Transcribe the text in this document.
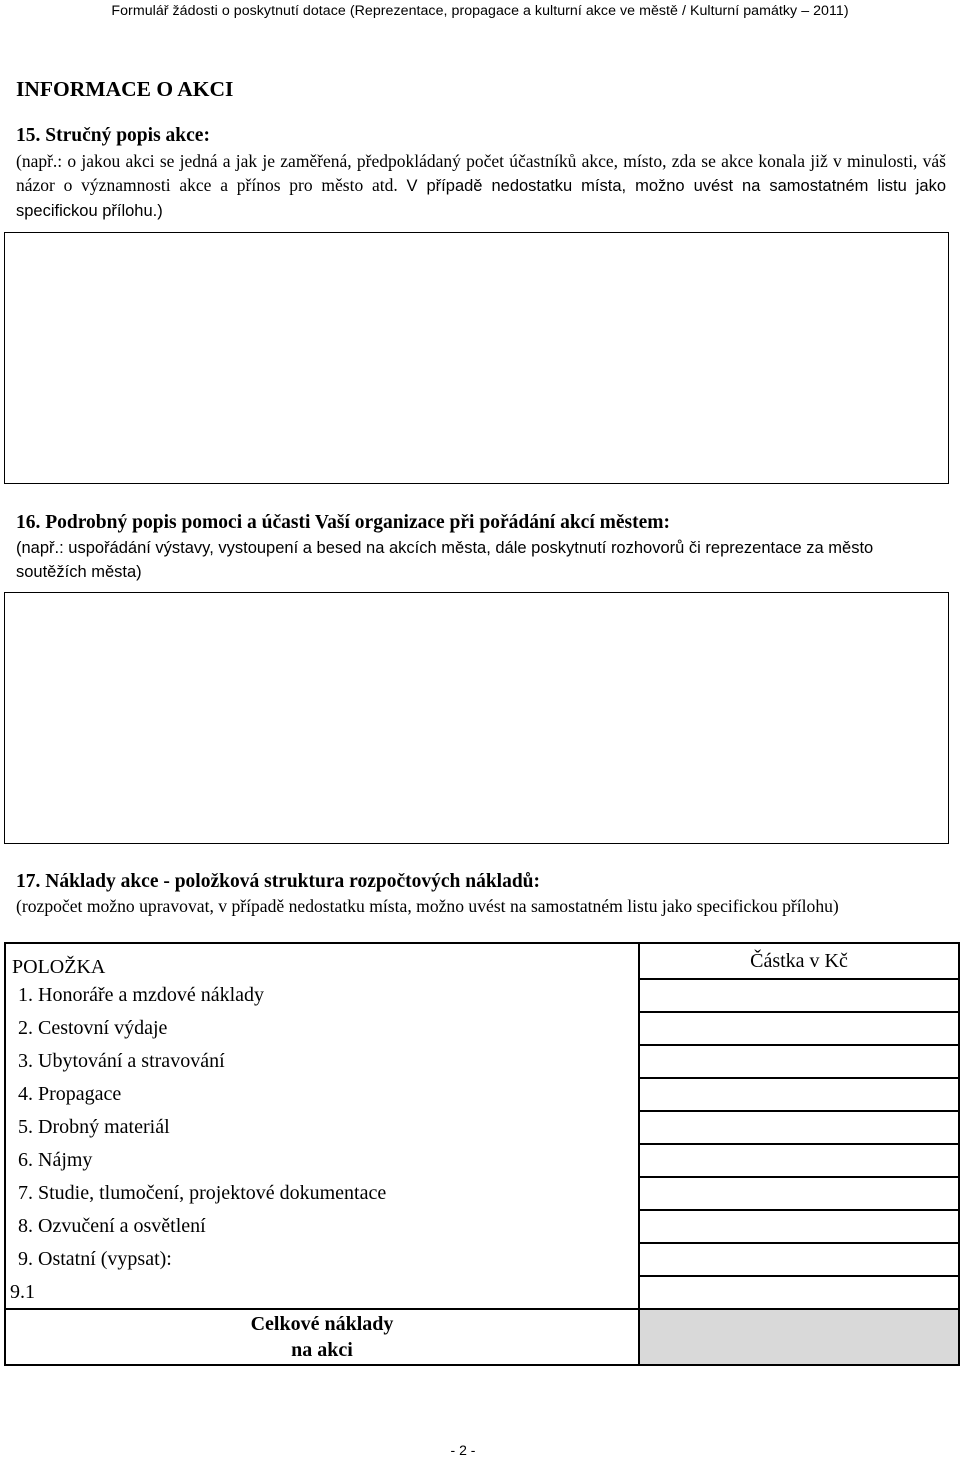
Formulář žádosti o poskytnutí dotace (Reprezentace, propagace a kulturní akce ve městě / Kulturní památky – 2011)
INFORMACE O AKCI
15. Stručný popis akce:
(např.: o jakou akci se jedná a jak je zaměřená, předpokládaný počet účastníků akce, místo, zda se akce konala již v minulosti, váš názor o významnosti akce a přínos pro město atd. V případě nedostatku místa, možno uvést na samostatném listu jako specifickou přílohu.)
16. Podrobný popis pomoci a účasti Vaší organizace při pořádání akcí městem:
(např.: uspořádání výstavy, vystoupení a besed na akcích města, dále poskytnutí rozhovorů či reprezentace za město soutěžích města)
17. Náklady akce - položková struktura rozpočtových nákladů:
(rozpočet možno upravovat, v případě nedostatku místa, možno uvést na samostatném listu jako specifickou přílohu)
POLOŽKA	Částka v Kč
1. Honoráře a mzdové náklady	
2. Cestovní výdaje	
3. Ubytování a stravování	
4. Propagace	
5. Drobný materiál	
6. Nájmy	
7. Studie, tlumočení, projektové dokumentace	
8. Ozvučení a osvětlení	
9. Ostatní (vypsat):	
9.1	

Celkové náklady
na akci	

- 2 -
